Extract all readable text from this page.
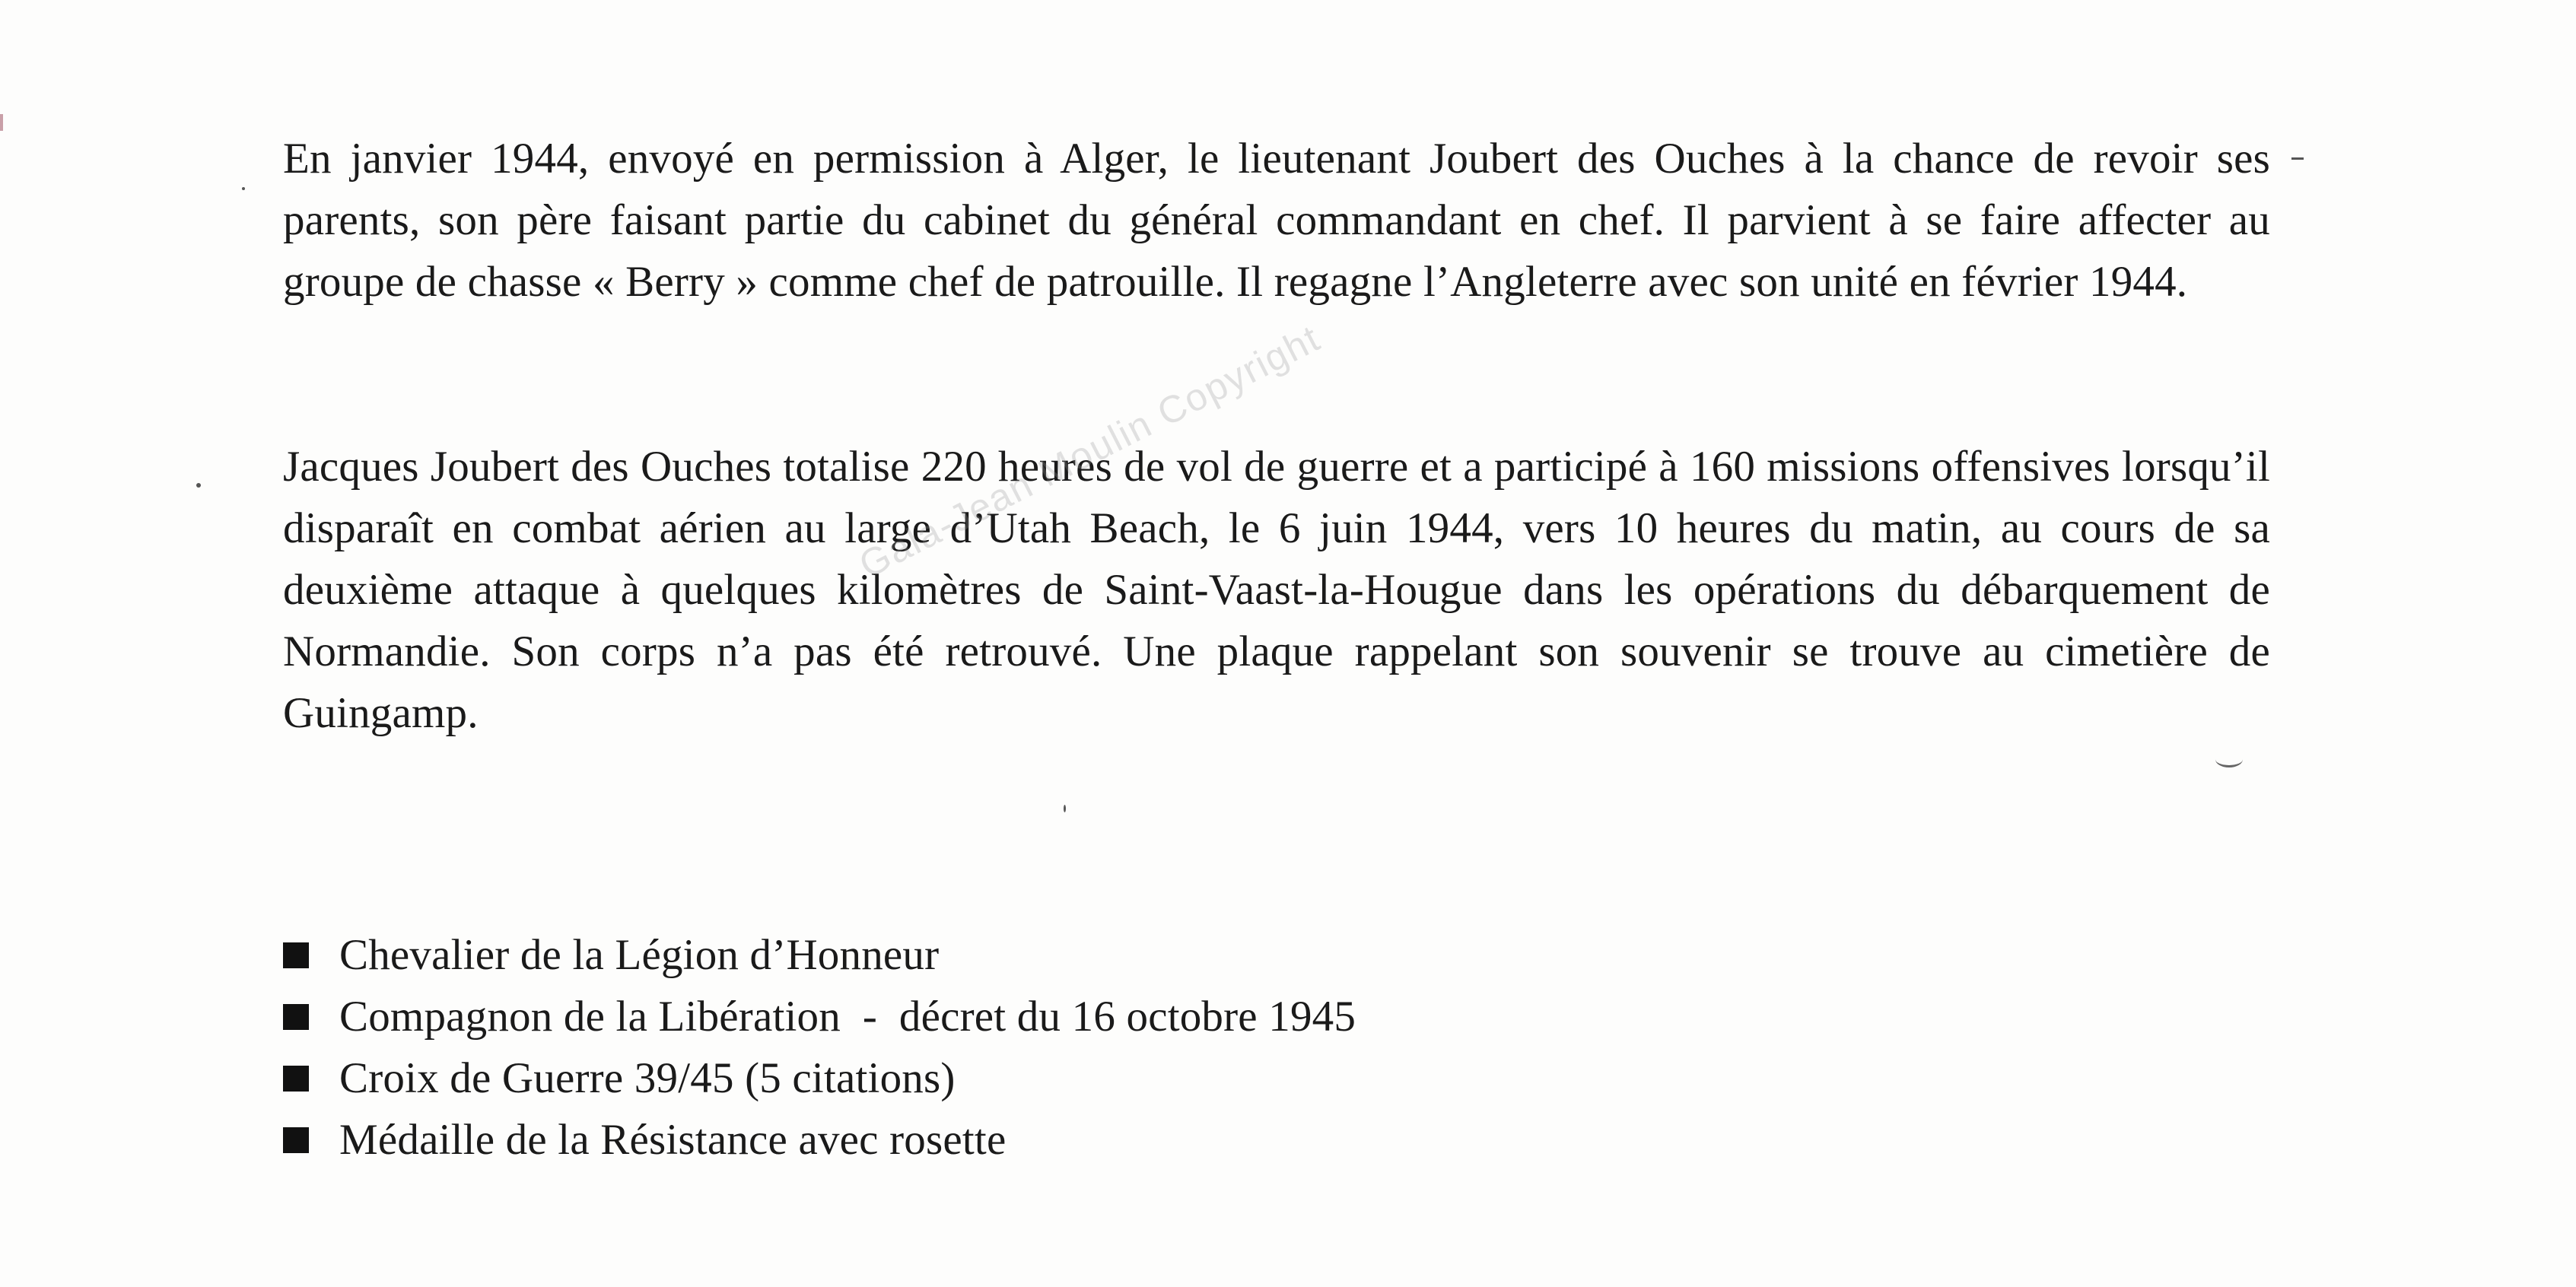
En janvier 1944, envoyé en permission à Alger, le lieutenant Joubert des Ouches à la chance de revoir ses parents, son père faisant partie du cabinet du général commandant en chef. Il parvient à se faire affecter au groupe de chasse « Berry » comme chef de patrouille. Il regagne l’Angleterre avec son unité en février 1944.

Jacques Joubert des Ouches totalise 220 heures de vol de guerre et a participé à 160 missions offensives lorsqu’il disparaît en combat aérien au large d’Utah Beach, le 6 juin 1944, vers 10 heures du matin, au cours de sa deuxième attaque à quelques kilomètres de Saint-Vaast-la-Hougue dans les opérations du débarquement de Normandie. Son corps n’a pas été retrouvé. Une plaque rappelant son souvenir se trouve au cimetière de Guingamp.

Gala-Jean Moulin Copyright
Chevalier de la Légion d’Honneur
Compagnon de la Libération  -  décret du 16 octobre 1945
Croix de Guerre 39/45 (5 citations)
Médaille de la Résistance avec rosette
